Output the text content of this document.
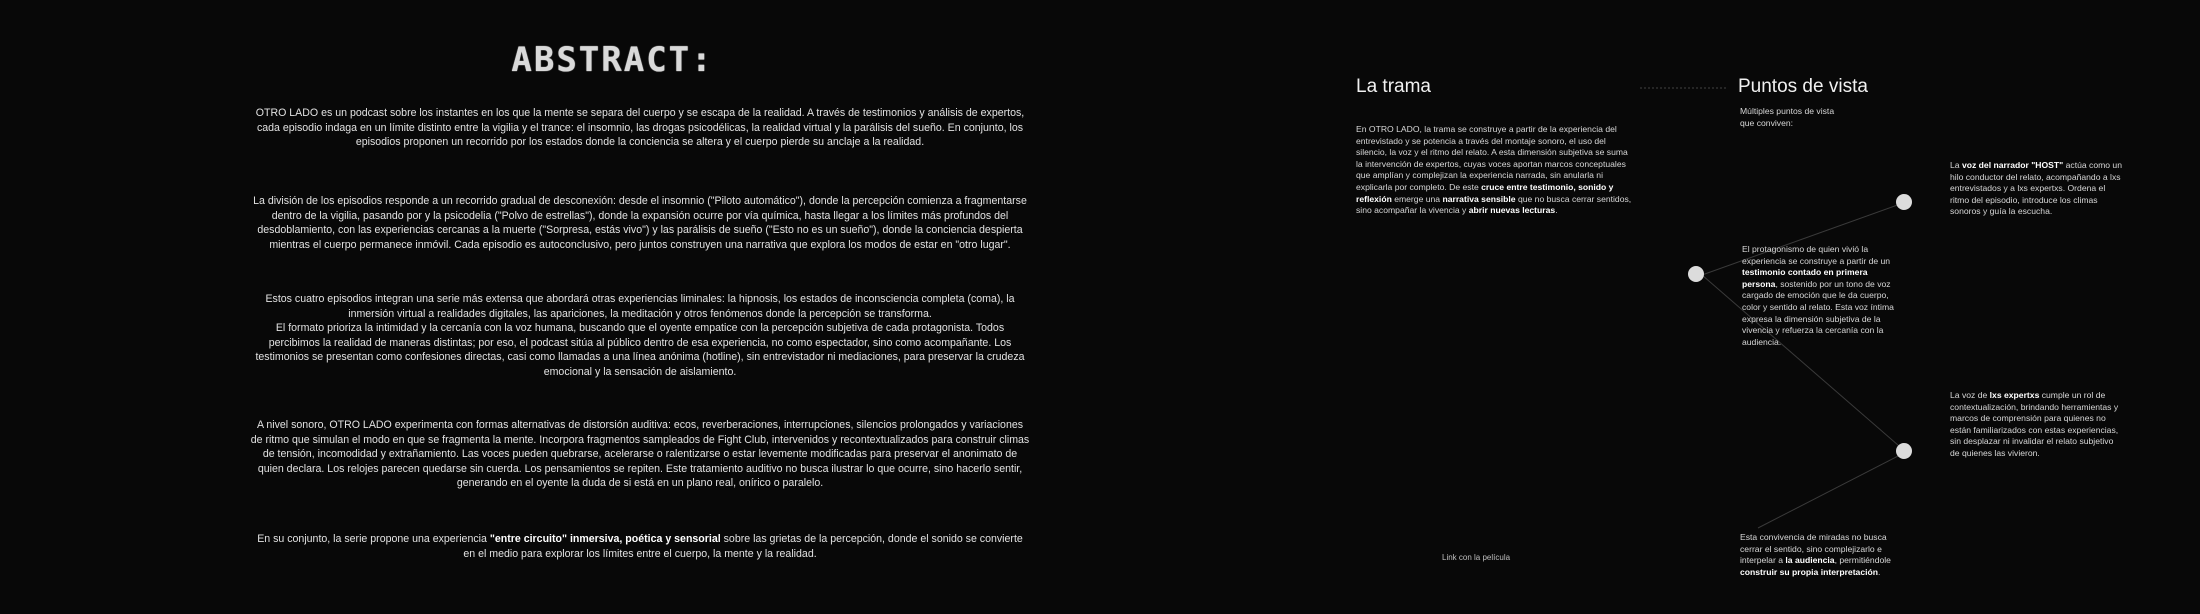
ABSTRACT:

OTRO LADO es un podcast sobre los instantes en los que la mente se separa del cuerpo y se escapa de la realidad. A través de testimonios y análisis de expertos, cada episodio indaga en un límite distinto entre la vigilia y el trance: el insomnio, las drogas psicodélicas, la realidad virtual y la parálisis del sueño. En conjunto, los episodios proponen un recorrido por los estados donde la conciencia se altera y el cuerpo pierde su anclaje a la realidad.

La división de los episodios responde a un recorrido gradual de desconexión: desde el insomnio ("Piloto automático"), donde la percepción comienza a fragmentarse dentro de la vigilia, pasando por y la psicodelia ("Polvo de estrellas"), donde la expansión ocurre por vía química, hasta llegar a los límites más profundos del desdoblamiento, con las experiencias cercanas a la muerte ("Sorpresa, estás vivo") y las parálisis de sueño ("Esto no es un sueño"), donde la conciencia despierta mientras el cuerpo permanece inmóvil. Cada episodio es autoconclusivo, pero juntos construyen una narrativa que explora los modos de estar en "otro lugar".

Estos cuatro episodios integran una serie más extensa que abordará otras experiencias liminales: la hipnosis, los estados de inconsciencia completa (coma), la inmersión virtual a realidades digitales, las apariciones, la meditación y otros fenómenos donde la percepción se transforma.
El formato prioriza la intimidad y la cercanía con la voz humana, buscando que el oyente empatice con la percepción subjetiva de cada protagonista. Todos percibimos la realidad de maneras distintas; por eso, el podcast sitúa al público dentro de esa experiencia, no como espectador, sino como acompañante. Los testimonios se presentan como confesiones directas, casi como llamadas a una línea anónima (hotline), sin entrevistador ni mediaciones, para preservar la crudeza emocional y la sensación de aislamiento.

A nivel sonoro, OTRO LADO experimenta con formas alternativas de distorsión auditiva: ecos, reverberaciones, interrupciones, silencios prolongados y variaciones de ritmo que simulan el modo en que se fragmenta la mente. Incorpora fragmentos sampleados de Fight Club, intervenidos y recontextualizados para construir climas de tensión, incomodidad y extrañamiento. Las voces pueden quebrarse, acelerarse o ralentizarse o estar levemente modificadas para preservar el anonimato de quien declara. Los relojes parecen quedarse sin cuerda. Los pensamientos se repiten. Este tratamiento auditivo no busca ilustrar lo que ocurre, sino hacerlo sentir, generando en el oyente la duda de si está en un plano real, onírico o paralelo.

En su conjunto, la serie propone una experiencia "entre circuito" inmersiva, poética y sensorial sobre las grietas de la percepción, donde el sonido se convierte en el medio para explorar los límites entre el cuerpo, la mente y la realidad.

La trama

En OTRO LADO, la trama se construye a partir de la experiencia del entrevistado y se potencia a través del montaje sonoro, el uso del silencio, la voz y el ritmo del relato. A esta dimensión subjetiva se suma la intervención de expertos, cuyas voces aportan marcos conceptuales que amplían y complejizan la experiencia narrada, sin anularla ni explicarla por completo. De este cruce entre testimonio, sonido y reflexión emerge una narrativa sensible que no busca cerrar sentidos, sino acompañar la vivencia y abrir nuevas lecturas.

Link con la película
Puntos de vista

Múltiples puntos de vista
que conviven:

La voz del narrador "HOST" actúa como un hilo conductor del relato, acompañando a lxs entrevistados y a lxs expertxs. Ordena el ritmo del episodio, introduce los climas sonoros y guía la escucha.

El protagonismo de quien vivió la experiencia se construye a partir de un testimonio contado en primera persona, sostenido por un tono de voz cargado de emoción que le da cuerpo, color y sentido al relato. Esta voz íntima expresa la dimensión subjetiva de la vivencia y refuerza la cercanía con la audiencia.

La voz de lxs expertxs cumple un rol de contextualización, brindando herramientas y marcos de comprensión para quienes no están familiarizados con estas experiencias, sin desplazar ni invalidar el relato subjetivo de quienes las vivieron.

Esta convivencia de miradas no busca cerrar el sentido, sino complejizarlo e interpelar a la audiencia, permitiéndole construir su propia interpretación.
